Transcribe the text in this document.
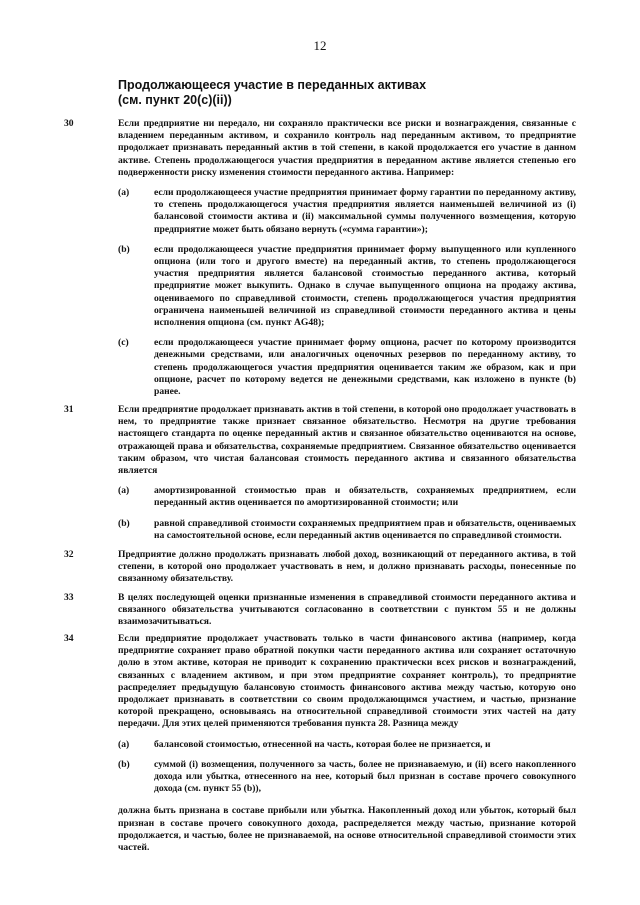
12
Продолжающееся участие в переданных активах
(см. пункт 20(c)(ii))
30	Если предприятие ни передало, ни сохраняло практически все риски и вознаграждения, связанные с владением переданным активом, и сохранило контроль над переданным активом, то предприятие продолжает признавать переданный актив в той степени, в какой продолжается его участие в данном активе. Степень продолжающегося участия предприятия в переданном активе является степенью его подверженности риску изменения стоимости переданного актива. Например:
(a)	если продолжающееся участие предприятия принимает форму гарантии по переданному активу, то степень продолжающегося участия предприятия является наименьшей величиной из (i) балансовой стоимости актива и (ii) максимальной суммы полученного возмещения, которую предприятие может быть обязано вернуть («сумма гарантии»);
(b)	если продолжающееся участие предприятия принимает форму выпущенного или купленного опциона (или того и другого вместе) на переданный актив, то степень продолжающегося участия предприятия является балансовой стоимостью переданного актива, который предприятие может выкупить. Однако в случае выпущенного опциона на продажу актива, оцениваемого по справедливой стоимости, степень продолжающегося участия предприятия ограничена наименьшей величиной из справедливой стоимости переданного актива и цены исполнения опциона (см. пункт AG48);
(c)	если продолжающееся участие принимает форму опциона, расчет по которому производится денежными средствами, или аналогичных оценочных резервов по переданному активу, то степень продолжающегося участия предприятия оценивается таким же образом, как и при опционе, расчет по которому ведется не денежными средствами, как изложено в пункте (b) ранее.
31	Если предприятие продолжает признавать актив в той степени, в которой оно продолжает участвовать в нем, то предприятие также признает связанное обязательство. Несмотря на другие требования настоящего стандарта по оценке переданный актив и связанное обязательство оцениваются на основе, отражающей права и обязательства, сохраняемые предприятием. Связанное обязательство оценивается таким образом, что чистая балансовая стоимость переданного актива и связанного обязательства является
(a)	амортизированной стоимостью прав и обязательств, сохраняемых предприятием, если переданный актив оценивается по амортизированной стоимости; или
(b)	равной справедливой стоимости сохраняемых предприятием прав и обязательств, оцениваемых на самостоятельной основе, если переданный актив оценивается по справедливой стоимости.
32	Предприятие должно продолжать признавать любой доход, возникающий от переданного актива, в той степени, в которой оно продолжает участвовать в нем, и должно признавать расходы, понесенные по связанному обязательству.
33	В целях последующей оценки признанные изменения в справедливой стоимости переданного актива и связанного обязательства учитываются согласованно в соответствии с пунктом 55 и не должны взаимозачитываться.
34	Если предприятие продолжает участвовать только в части финансового актива (например, когда предприятие сохраняет право обратной покупки части переданного актива или сохраняет остаточную долю в этом активе, которая не приводит к сохранению практически всех рисков и вознаграждений, связанных с владением активом, и при этом предприятие сохраняет контроль), то предприятие распределяет предыдущую балансовую стоимость финансового актива между частью, которую оно продолжает признавать в соответствии со своим продолжающимся участием, и частью, признание которой прекращено, основываясь на относительной справедливой стоимости этих частей на дату передачи. Для этих целей применяются требования пункта 28. Разница между
(a)	балансовой стоимостью, отнесенной на часть, которая более не признается, и
(b)	суммой (i) возмещения, полученного за часть, более не признаваемую, и (ii) всего накопленного дохода или убытка, отнесенного на нее, который был признан в составе прочего совокупного дохода (см. пункт 55 (b)),
должна быть признана в составе прибыли или убытка. Накопленный доход или убыток, который был признан в составе прочего совокупного дохода, распределяется между частью, признание которой продолжается, и частью, более не признаваемой, на основе относительной справедливой стоимости этих частей.
